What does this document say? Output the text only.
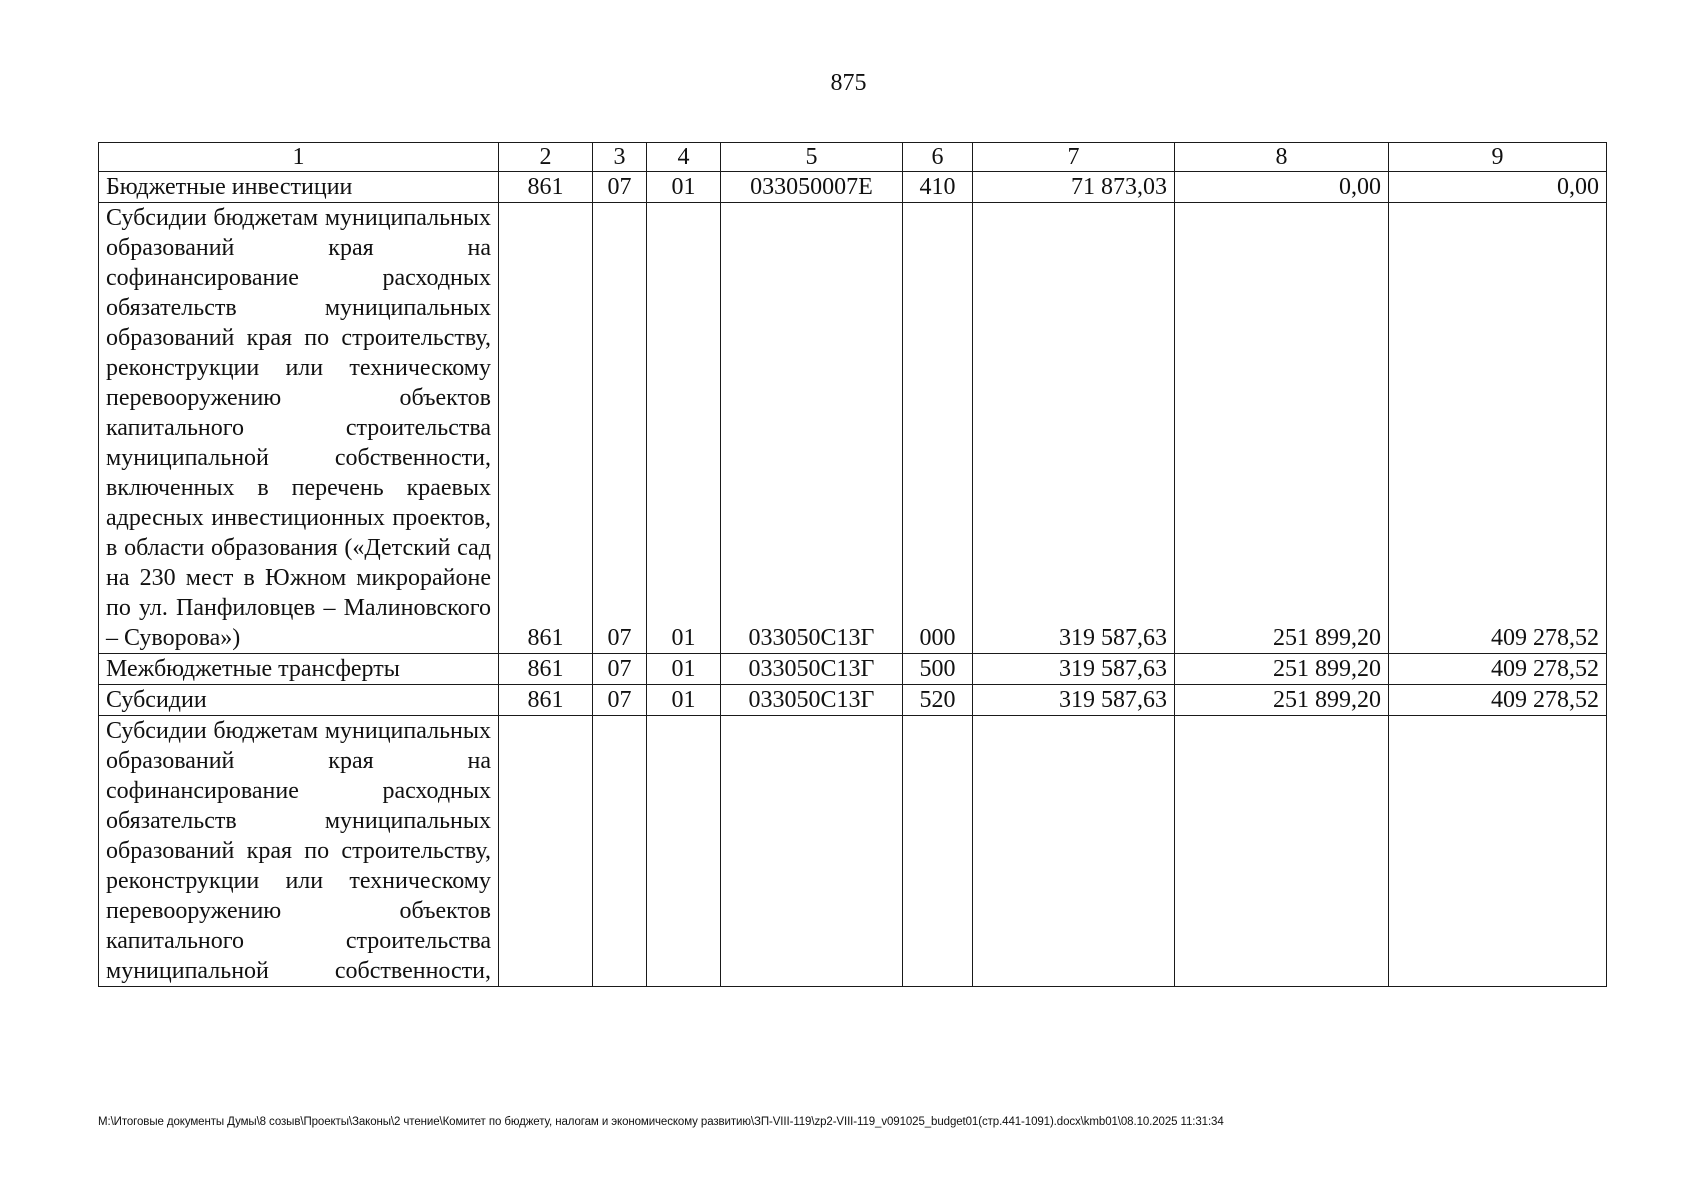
875
1	2	3	4	5	6	7	8	9
Бюджетные инвестиции	861	07	01	033050007Е	410	71 873,03	0,00	0,00
Субсидии бюджетам муниципальных образований края на софинансирование расходных обязательств муниципальных образований края по строительству, реконструкции или техническому перевооружению объектов капитального строительства муниципальной собственности, включенных в перечень краевых адресных инвестиционных проектов, в области образования («Детский сад на 230 мест в Южном микрорайоне по ул. Панфиловцев – Малиновского – Суворова»)	861	07	01	033050С13Г	000	319 587,63	251 899,20	409 278,52
Межбюджетные трансферты	861	07	01	033050С13Г	500	319 587,63	251 899,20	409 278,52
Субсидии	861	07	01	033050С13Г	520	319 587,63	251 899,20	409 278,52
Субсидии бюджетам муниципальных образований края на софинансирование расходных обязательств муниципальных образований края по строительству, реконструкции или техническому перевооружению объектов капитального строительства муниципальной собственности,								
M:\Итоговые документы Думы\8 созыв\Проекты\Законы\2 чтение\Комитет по бюджету, налогам и экономическому развитию\ЗП-VIII-119\zp2-VIII-119_v091025_budget01(стр.441-1091).docx\kmb01\08.10.2025 11:31:34
